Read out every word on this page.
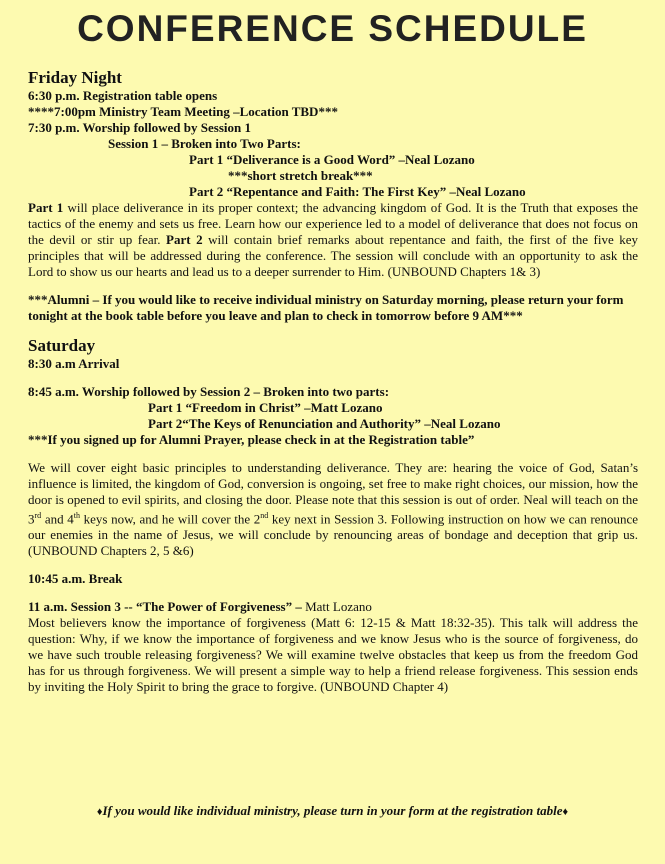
CONFERENCE SCHEDULE

Friday Night

6:30 p.m. Registration table opens

****7:00pm Ministry Team Meeting –Location TBD***

7:30 p.m. Worship followed by Session 1

Session 1 – Broken into Two Parts:

Part 1 “Deliverance is a Good Word” –Neal Lozano

***short stretch break***

Part 2 “Repentance and Faith: The First Key” –Neal Lozano

Part 1 will place deliverance in its proper context; the advancing kingdom of God. It is the Truth that exposes the tactics of the enemy and sets us free. Learn how our experience led to a model of deliverance that does not focus on the devil or stir up fear. Part 2 will contain brief remarks about repentance and faith, the first of the five key principles that will be addressed during the conference. The session will conclude with an opportunity to ask the Lord to show us our hearts and lead us to a deeper surrender to Him. (UNBOUND Chapters 1& 3)

***Alumni – If you would like to receive individual ministry on Saturday morning, please return your form tonight at the book table before you leave and plan to check in tomorrow before 9 AM***

Saturday

8:30 a.m Arrival

8:45 a.m. Worship followed by Session 2 – Broken into two parts:

Part 1 “Freedom in Christ” –Matt Lozano

Part 2“The Keys of Renunciation and Authority” –Neal Lozano

***If you signed up for Alumni Prayer, please check in at the Registration table”

We will cover eight basic principles to understanding deliverance. They are: hearing the voice of God, Satan’s influence is limited, the kingdom of God, conversion is ongoing, set free to make right choices, our mission, how the door is opened to evil spirits, and closing the door. Please note that this session is out of order. Neal will teach on the 3rd and 4th keys now, and he will cover the 2nd key next in Session 3. Following instruction on how we can renounce our enemies in the name of Jesus, we will conclude by renouncing areas of bondage and deception that grip us. (UNBOUND Chapters 2, 5 &6)

10:45 a.m. Break

11 a.m. Session 3 -- “The Power of Forgiveness” – Matt Lozano

Most believers know the importance of forgiveness (Matt 6: 12-15 & Matt 18:32-35). This talk will address the question: Why, if we know the importance of forgiveness and we know Jesus who is the source of forgiveness, do we have such trouble releasing forgiveness? We will examine twelve obstacles that keep us from the freedom God has for us through forgiveness. We will present a simple way to help a friend release forgiveness. This session ends by inviting the Holy Spirit to bring the grace to forgive. (UNBOUND Chapter 4)

♦If you would like individual ministry, please turn in your form at the registration table♦
